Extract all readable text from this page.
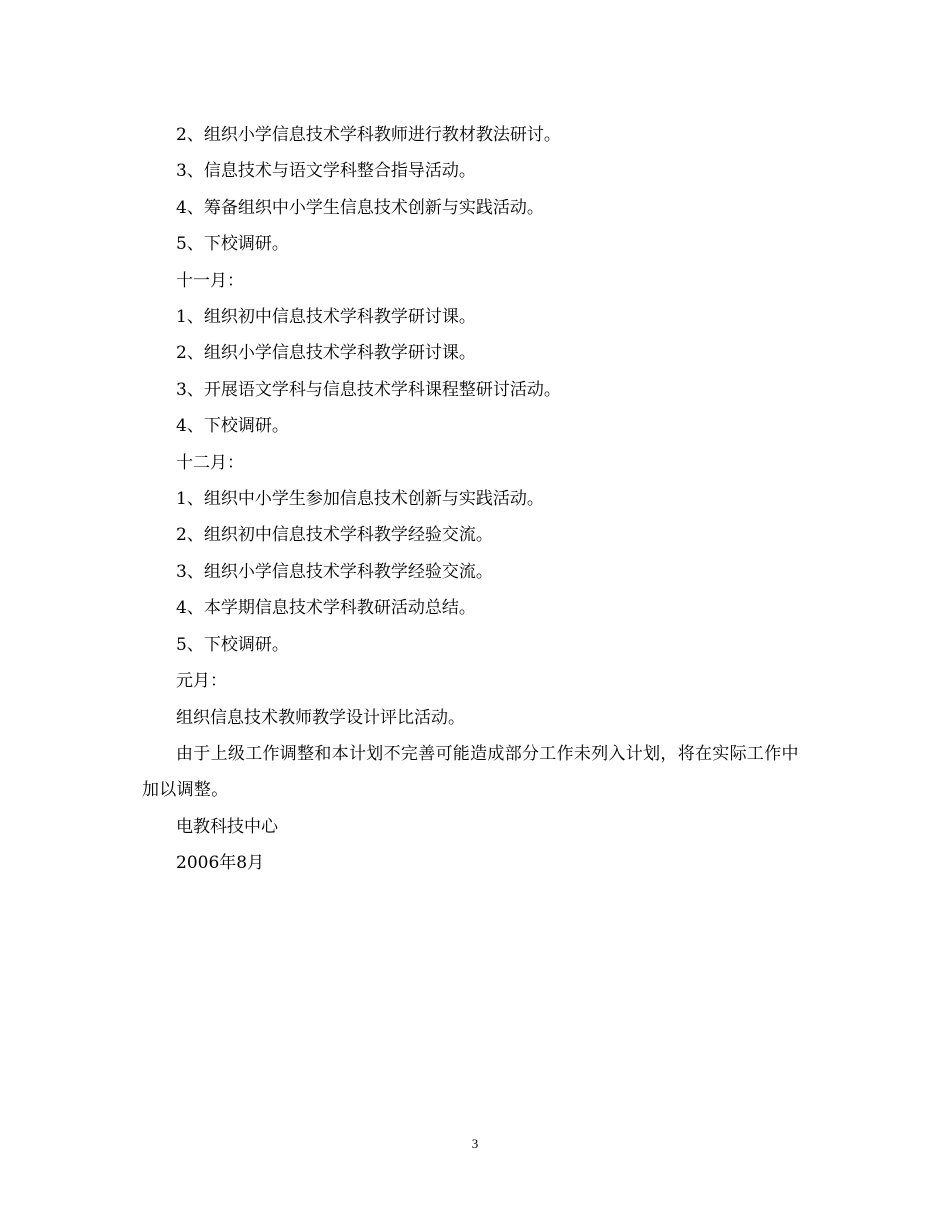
2、组织小学信息技术学科教师进行教材教法研讨。

3、信息技术与语文学科整合指导活动。

4、筹备组织中小学生信息技术创新与实践活动。

5、下校调研。

十一月：

1、组织初中信息技术学科教学研讨课。

2、组织小学信息技术学科教学研讨课。

3、开展语文学科与信息技术学科课程整研讨活动。

4、下校调研。

十二月：

1、组织中小学生参加信息技术创新与实践活动。

2、组织初中信息技术学科教学经验交流。

3、组织小学信息技术学科教学经验交流。

4、本学期信息技术学科教研活动总结。

5、下校调研。

元月：

组织信息技术教师教学设计评比活动。

由于上级工作调整和本计划不完善可能造成部分工作未列入计划，将在实际工作中加以调整。

电教科技中心

2006年8月

3
